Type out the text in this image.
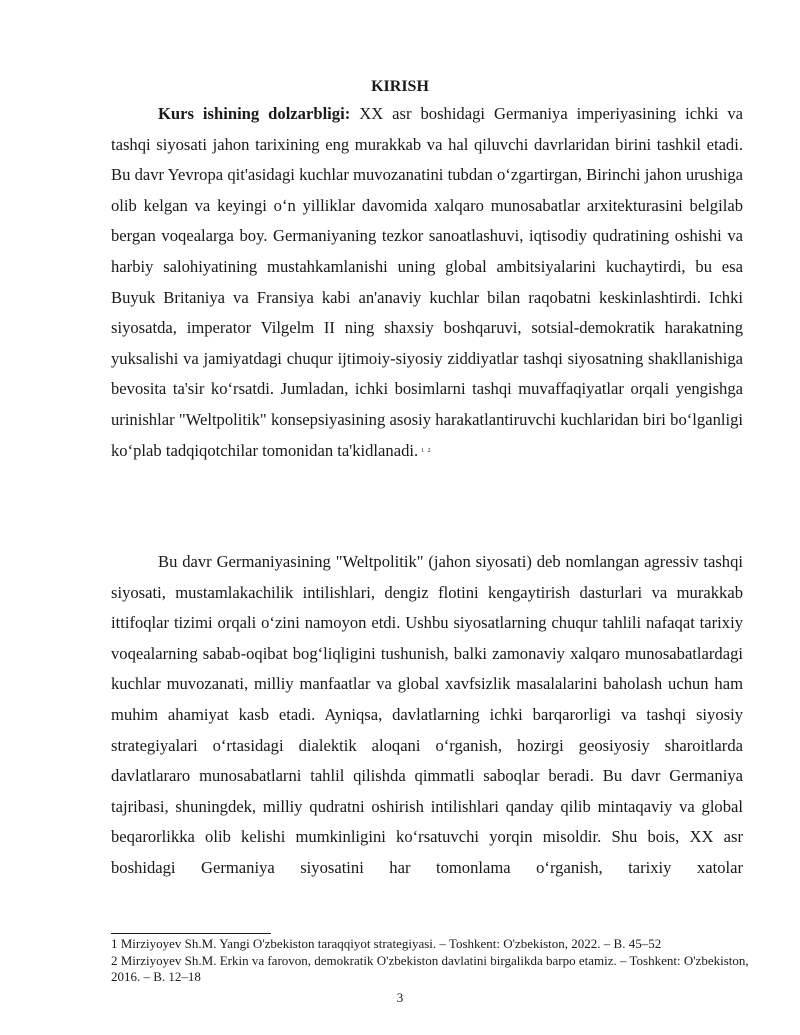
KIRISH

Kurs ishining dolzarbligi: XX asr boshidagi Germaniya imperiyasining ichki va tashqi siyosati jahon tarixining eng murakkab va hal qiluvchi davrlaridan birini tashkil etadi. Bu davr Yevropa qit'asidagi kuchlar muvozanatini tubdan o‘zgartirgan, Birinchi jahon urushiga olib kelgan va keyingi o‘n yilliklar davomida xalqaro munosabatlar arxitekturasini belgilab bergan voqealarga boy. Germaniyaning tezkor sanoatlashuvi, iqtisodiy qudratining oshishi va harbiy salohiyatining mustahkamlanishi uning global ambitsiyalarini kuchaytirdi, bu esa Buyuk Britaniya va Fransiya kabi an'anaviy kuchlar bilan raqobatni keskinlashtirdi. Ichki siyosatda, imperator Vilgelm II ning shaxsiy boshqaruvi, sotsial-demokratik harakatning yuksalishi va jamiyatdagi chuqur ijtimoiy-siyosiy ziddiyatlar tashqi siyosatning shakllanishiga bevosita ta'sir ko‘rsatdi. Jumladan, ichki bosimlarni tashqi muvaffaqiyatlar orqali yengishga urinishlar "Weltpolitik" konsepsiyasining asosiy harakatlantiruvchi kuchlaridan biri bo‘lganligi ko‘plab tadqiqotchilar tomonidan ta'kidlanadi. $^{1 2}$

Bu davr Germaniyasining "Weltpolitik" (jahon siyosati) deb nomlangan agressiv tashqi siyosati, mustamlakachilik intilishlari, dengiz flotini kengaytirish dasturlari va murakkab ittifoqlar tizimi orqali o‘zini namoyon etdi. Ushbu siyosatlarning chuqur tahlili nafaqat tarixiy voqealarning sabab-oqibat bog‘liqligini tushunish, balki zamonaviy xalqaro munosabatlardagi kuchlar muvozanati, milliy manfaatlar va global xavfsizlik masalalarini baholash uchun ham muhim ahamiyat kasb etadi. Ayniqsa, davlatlarning ichki barqarorligi va tashqi siyosiy strategiyalari o‘rtasidagi dialektik aloqani o‘rganish, hozirgi geosiyosiy sharoitlarda davlatlararo munosabatlarni tahlil qilishda qimmatli saboqlar beradi. Bu davr Germaniya tajribasi, shuningdek, milliy qudratni oshirish intilishlari qanday qilib mintaqaviy va global beqarorlikka olib kelishi mumkinligini ko‘rsatuvchi yorqin misoldir. Shu bois, XX asr boshidagi Germaniya siyosatini har tomonlama o‘rganish, tarixiy xatolar

1 Mirziyoyev Sh.M. Yangi O'zbekiston taraqqiyot strategiyasi. – Toshkent: O'zbekiston, 2022. – B. 45–52
2 Mirziyoyev Sh.M. Erkin va farovon, demokratik O'zbekiston davlatini birgalikda barpo etamiz. – Toshkent: O'zbekiston, 2016. – B. 12–18
3
